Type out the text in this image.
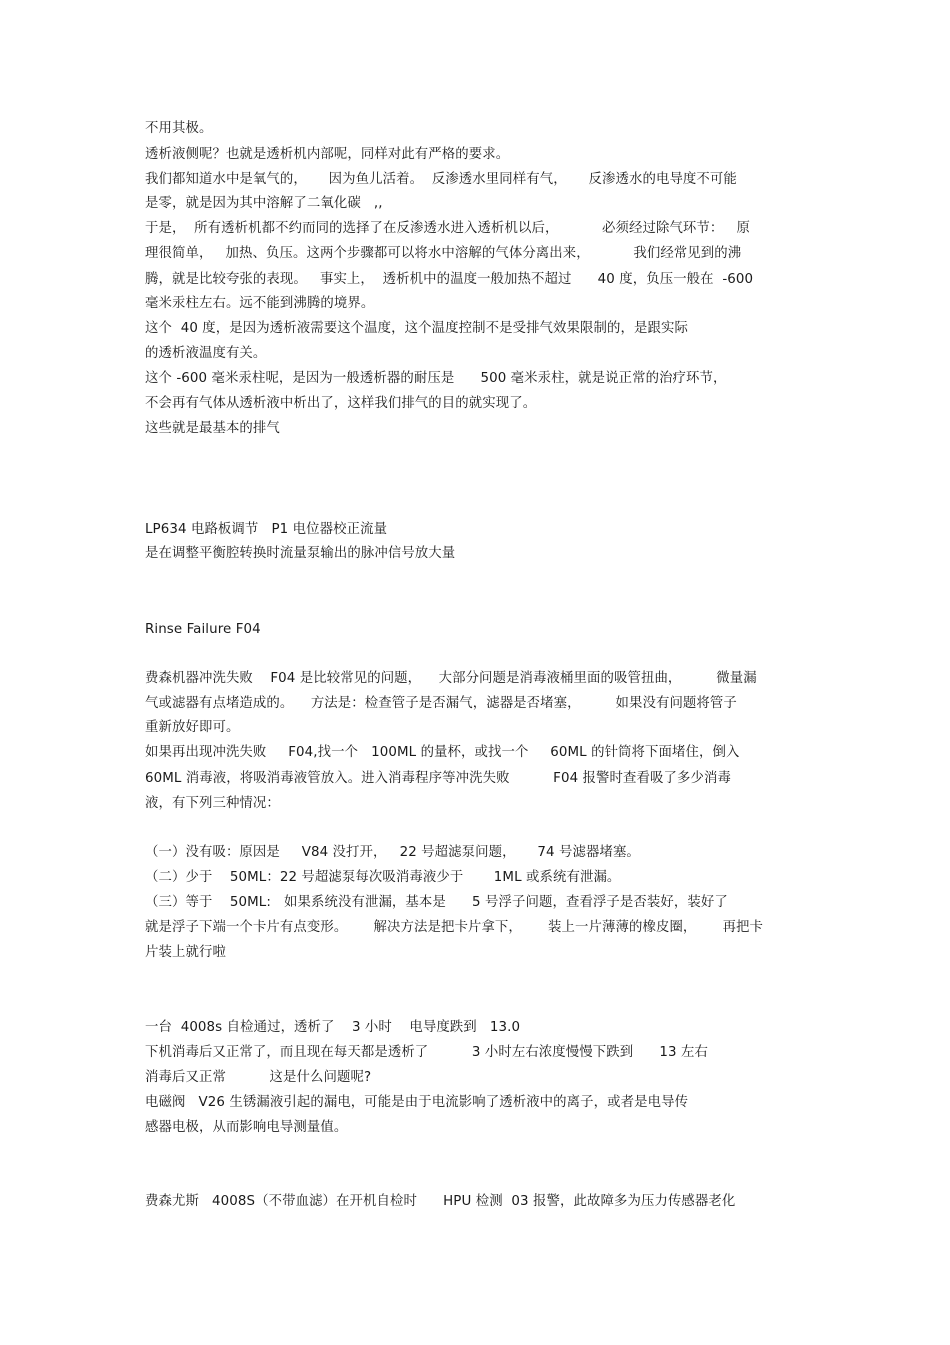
不用其极。
透析液侧呢？也就是透析机内部呢，同样对此有严格的要求。
我们都知道水中是氧气的，     因为鱼儿活着。  反渗透水里同样有气，     反渗透水的电导度不可能
是零，就是因为其中溶解了二氧化碳   ,,
于是，  所有透析机都不约而同的选择了在反渗透水进入透析机以后，          必须经过除气环节：   原
理很简单，   加热、负压。这两个步骤都可以将水中溶解的气体分离出来，          我们经常见到的沸
腾，就是比较夸张的表现。   事实上，  透析机中的温度一般加热不超过      40 度，负压一般在  -600
毫米汞柱左右。远不能到沸腾的境界。
这个  40 度，是因为透析液需要这个温度，这个温度控制不是受排气效果限制的，是跟实际
的透析液温度有关。
这个 -600 毫米汞柱呢，是因为一般透析器的耐压是      500 毫米汞柱，就是说正常的治疗环节，
不会再有气体从透析液中析出了，这样我们排气的目的就实现了。
这些就是最基本的排气
LP634 电路板调节   P1 电位器校正流量
是在调整平衡腔转换时流量泵输出的脉冲信号放大量
Rinse Failure F04
费森机器冲洗失败    F04 是比较常见的问题，    大部分问题是消毒液桶里面的吸管扭曲，        微量漏
气或滤器有点堵造成的。    方法是：检查管子是否漏气，滤器是否堵塞，        如果没有问题将管子
重新放好即可。
如果再出现冲洗失败     F04,找一个   100ML 的量杯，或找一个     60ML 的针筒将下面堵住，倒入
60ML 消毒液，将吸消毒液管放入。进入消毒程序等冲洗失败          F04 报警时查看吸了多少消毒
液，有下列三种情况：
（一）没有吸：原因是     V84 没打开，   22 号超滤泵问题，     74 号滤器堵塞。
（二）少于    50ML：22 号超滤泵每次吸消毒液少于       1ML 或系统有泄漏。
（三）等于    50ML:   如果系统没有泄漏，基本是      5 号浮子问题，查看浮子是否装好，装好了
就是浮子下端一个卡片有点变形。      解决方法是把卡片拿下，      装上一片薄薄的橡皮圈，      再把卡
片装上就行啦
一台  4008s 自检通过，透析了    3 小时    电导度跌到   13.0
下机消毒后又正常了，而且现在每天都是透析了          3 小时左右浓度慢慢下跌到      13 左右
消毒后又正常          这是什么问题呢?
电磁阀   V26 生锈漏液引起的漏电，可能是由于电流影响了透析液中的离子，或者是电导传
感器电极，从而影响电导测量值。
费森尤斯   4008S（不带血滤）在开机自检时      HPU 检测  03 报警，此故障多为压力传感器老化
